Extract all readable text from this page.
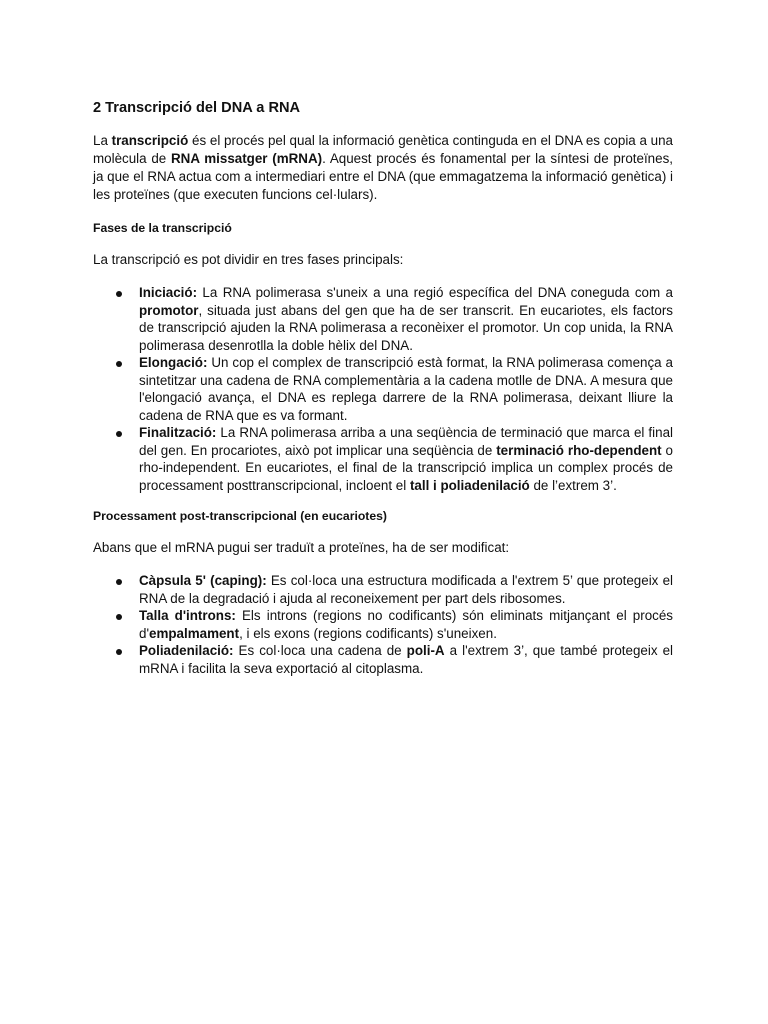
2 Transcripció del DNA a RNA

La transcripció és el procés pel qual la informació genètica continguda en el DNA es copia a una molècula de RNA missatger (mRNA). Aquest procés és fonamental per la síntesi de proteïnes, ja que el RNA actua com a intermediari entre el DNA (que emmagatzema la informació genètica) i les proteïnes (que executen funcions cel·lulars).

Fases de la transcripció

La transcripció es pot dividir en tres fases principals:

Iniciació: La RNA polimerasa s'uneix a una regió específica del DNA coneguda com a promotor, situada just abans del gen que ha de ser transcrit. En eucariotes, els factors de transcripció ajuden la RNA polimerasa a reconèixer el promotor. Un cop unida, la RNA polimerasa desenrotlla la doble hèlix del DNA.
Elongació: Un cop el complex de transcripció està format, la RNA polimerasa comença a sintetitzar una cadena de RNA complementària a la cadena motlle de DNA. A mesura que l'elongació avança, el DNA es replega darrere de la RNA polimerasa, deixant lliure la cadena de RNA que es va formant.
Finalització: La RNA polimerasa arriba a una seqüència de terminació que marca el final del gen. En procariotes, això pot implicar una seqüència de terminació rho-dependent o rho-independent. En eucariotes, el final de la transcripció implica un complex procés de processament posttranscripcional, incloent el tall i poliadenilació de l’extrem 3’.
Processament post-transcripcional (en eucariotes)

Abans que el mRNA pugui ser traduït a proteïnes, ha de ser modificat:

Càpsula 5' (caping): Es col·loca una estructura modificada a l'extrem 5’ que protegeix el RNA de la degradació i ajuda al reconeixement per part dels ribosomes.
Talla d'introns: Els introns (regions no codificants) són eliminats mitjançant el procés d'empalmament, i els exons (regions codificants) s'uneixen.
Poliadenilació: Es col·loca una cadena de poli-A a l'extrem 3’, que també protegeix el mRNA i facilita la seva exportació al citoplasma.
